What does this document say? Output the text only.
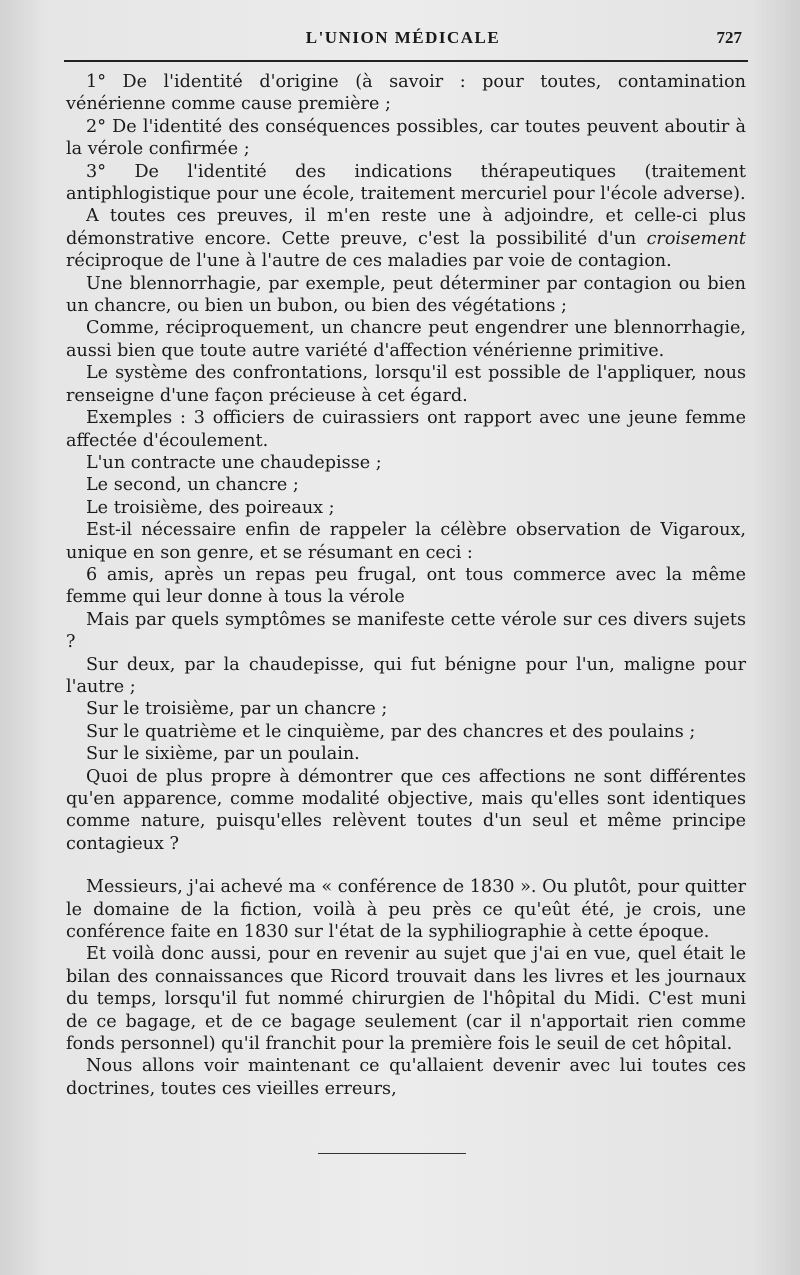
L'UNION MÉDICALE	727

1° De l'identité d'origine (à savoir : pour toutes, contamination vénérienne comme cause première ;

2° De l'identité des conséquences possibles, car toutes peuvent aboutir à la vérole confirmée ;

3° De l'identité des indications thérapeutiques (traitement antiphlogistique pour une école, traitement mercuriel pour l'école adverse).

A toutes ces preuves, il m'en reste une à adjoindre, et celle-ci plus démonstrative encore. Cette preuve, c'est la possibilité d'un croisement réciproque de l'une à l'autre de ces maladies par voie de contagion.

Une blennorrhagie, par exemple, peut déterminer par contagion ou bien un chancre, ou bien un bubon, ou bien des végétations ;

Comme, réciproquement, un chancre peut engendrer une blennorrhagie, aussi bien que toute autre variété d'affection vénérienne primitive.

Le système des confrontations, lorsqu'il est possible de l'appliquer, nous renseigne d'une façon précieuse à cet égard.

Exemples : 3 officiers de cuirassiers ont rapport avec une jeune femme affectée d'écoulement.

L'un contracte une chaudepisse ;

Le second, un chancre ;

Le troisième, des poireaux ;

Est-il nécessaire enfin de rappeler la célèbre observation de Vigaroux, unique en son genre, et se résumant en ceci :

6 amis, après un repas peu frugal, ont tous commerce avec la même femme qui leur donne à tous la vérole

Mais par quels symptômes se manifeste cette vérole sur ces divers sujets ?

Sur deux, par la chaudepisse, qui fut bénigne pour l'un, maligne pour l'autre ;

Sur le troisième, par un chancre ;

Sur le quatrième et le cinquième, par des chancres et des poulains ;

Sur le sixième, par un poulain.

Quoi de plus propre à démontrer que ces affections ne sont différentes qu'en apparence, comme modalité objective, mais qu'elles sont identiques comme nature, puisqu'elles relèvent toutes d'un seul et même principe contagieux ?

Messieurs, j'ai achevé ma « conférence de 1830 ». Ou plutôt, pour quitter le domaine de la fiction, voilà à peu près ce qu'eût été, je crois, une conférence faite en 1830 sur l'état de la syphiliographie à cette époque.

Et voilà donc aussi, pour en revenir au sujet que j'ai en vue, quel était le bilan des connaissances que Ricord trouvait dans les livres et les journaux du temps, lorsqu'il fut nommé chirurgien de l'hôpital du Midi. C'est muni de ce bagage, et de ce bagage seulement (car il n'apportait rien comme fonds personnel) qu'il franchit pour la première fois le seuil de cet hôpital.

Nous allons voir maintenant ce qu'allaient devenir avec lui toutes ces doctrines, toutes ces vieilles erreurs,
